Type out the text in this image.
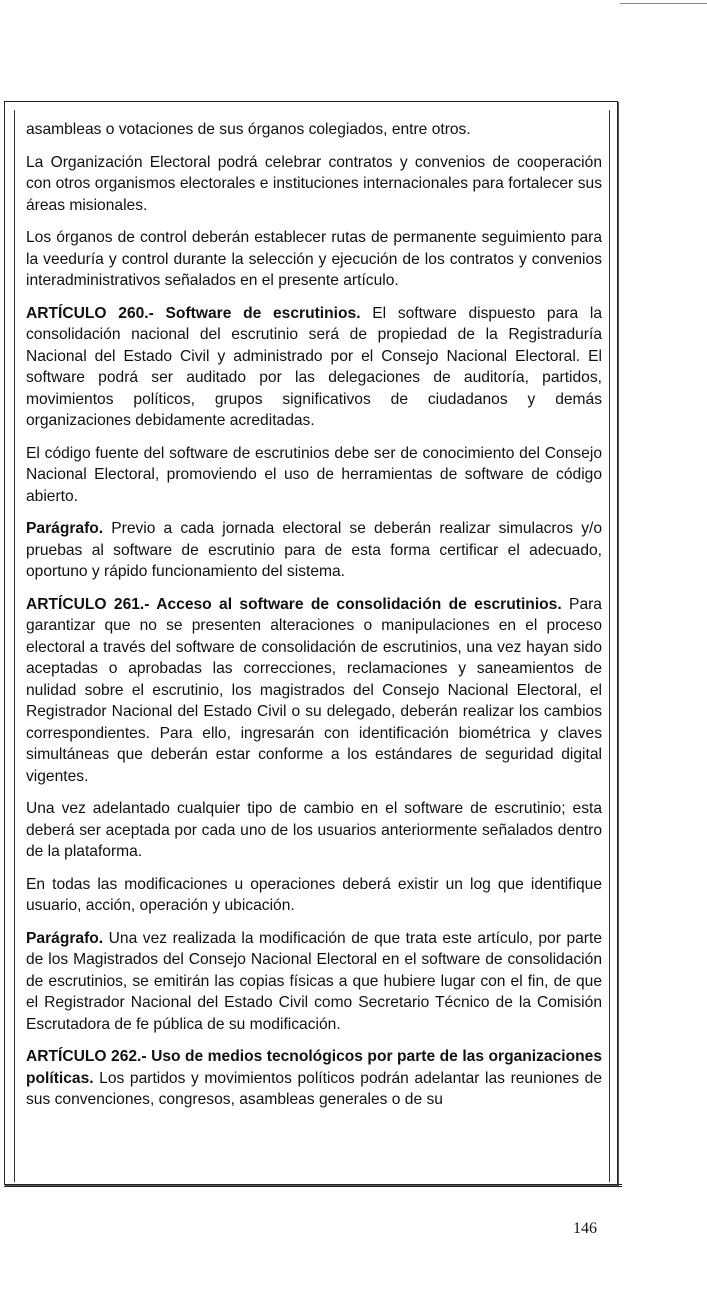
asambleas o votaciones de sus órganos colegiados, entre otros.

La Organización Electoral podrá celebrar contratos y convenios de cooperación con otros organismos electorales e instituciones internacionales para fortalecer sus áreas misionales.

Los órganos de control deberán establecer rutas de permanente seguimiento para la veeduría y control durante la selección y ejecución de los contratos y convenios interadministrativos señalados en el presente artículo.

ARTÍCULO 260.- Software de escrutinios. El software dispuesto para la consolidación nacional del escrutinio será de propiedad de la Registraduría Nacional del Estado Civil y administrado por el Consejo Nacional Electoral. El software podrá ser auditado por las delegaciones de auditoría, partidos, movimientos políticos, grupos significativos de ciudadanos y demás organizaciones debidamente acreditadas.

El código fuente del software de escrutinios debe ser de conocimiento del Consejo Nacional Electoral, promoviendo el uso de herramientas de software de código abierto.

Parágrafo. Previo a cada jornada electoral se deberán realizar simulacros y/o pruebas al software de escrutinio para de esta forma certificar el adecuado, oportuno y rápido funcionamiento del sistema.

ARTÍCULO 261.- Acceso al software de consolidación de escrutinios. Para garantizar que no se presenten alteraciones o manipulaciones en el proceso electoral a través del software de consolidación de escrutinios, una vez hayan sido aceptadas o aprobadas las correcciones, reclamaciones y saneamientos de nulidad sobre el escrutinio, los magistrados del Consejo Nacional Electoral, el Registrador Nacional del Estado Civil o su delegado, deberán realizar los cambios correspondientes. Para ello, ingresarán con identificación biométrica y claves simultáneas que deberán estar conforme a los estándares de seguridad digital vigentes.

Una vez adelantado cualquier tipo de cambio en el software de escrutinio; esta deberá ser aceptada por cada uno de los usuarios anteriormente señalados dentro de la plataforma.

En todas las modificaciones u operaciones deberá existir un log que identifique usuario, acción, operación y ubicación.

Parágrafo. Una vez realizada la modificación de que trata este artículo, por parte de los Magistrados del Consejo Nacional Electoral en el software de consolidación de escrutinios, se emitirán las copias físicas a que hubiere lugar con el fin, de que el Registrador Nacional del Estado Civil como Secretario Técnico de la Comisión Escrutadora de fe pública de su modificación.

ARTÍCULO 262.- Uso de medios tecnológicos por parte de las organizaciones políticas. Los partidos y movimientos políticos podrán adelantar las reuniones de sus convenciones, congresos, asambleas generales o de su

146
